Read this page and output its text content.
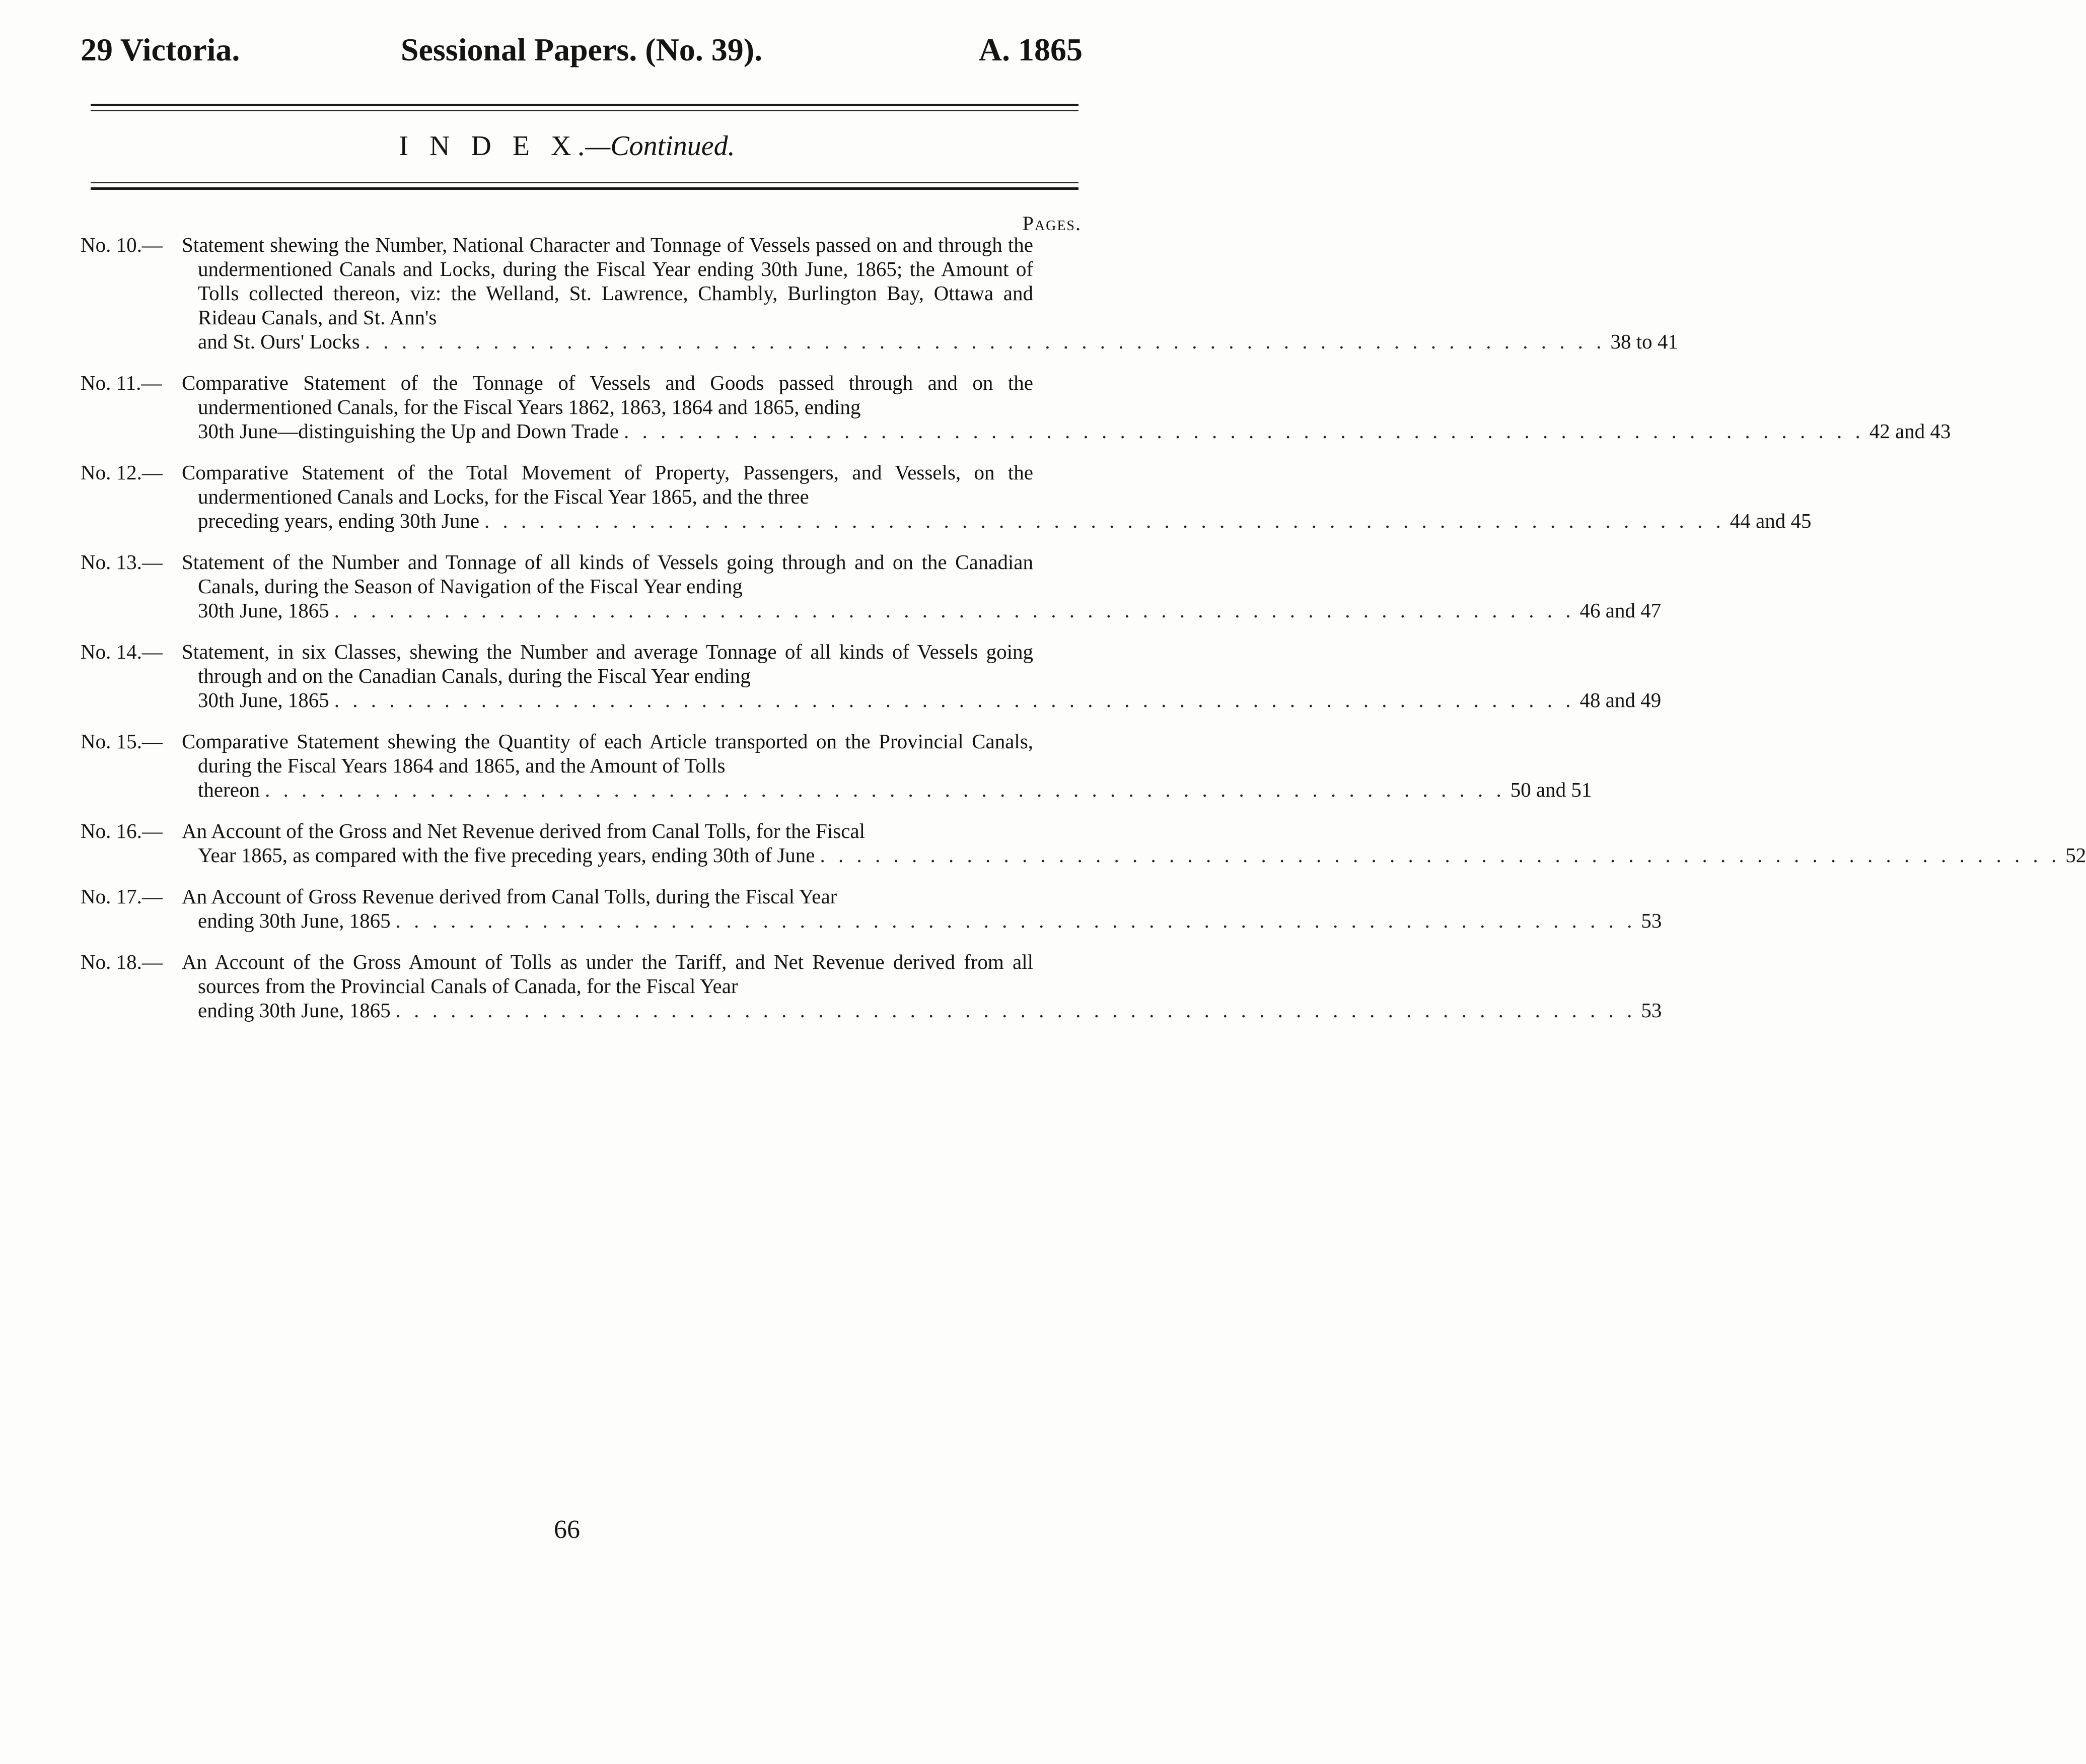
29 Victoria.	Sessional Papers. (No. 39).	A. 1865
I N D E X.—Continued.
Pages.
No. 10.— Statement shewing the Number, National Character and Tonnage of Vessels passed on and through the undermentioned Canals and Locks, during the Fiscal Year ending 30th June, 1865; the Amount of Tolls collected thereon, viz: the Welland, St. Lawrence, Chambly, Burlington Bay, Ottawa and Rideau Canals, and St. Ann's
and St. Ours' Locks . . . . . . . . . . . . . . . . . . . . . . . . . . . . . . . . . . . . . . . . . . . . . . . . . . . . . . . . . . . . . . . . . . . . 38 to 41
No. 11.— Comparative Statement of the Tonnage of Vessels and Goods passed through and on the undermentioned Canals, for the Fiscal Years 1862, 1863, 1864 and 1865, ending
30th June—distinguishing the Up and Down Trade . . . . . . . . . . . . . . . . . . . . . . . . . . . . . . . . . . . . . . . . . . . . . . . . . . . . . . . . . . . . . . . . . . . . 42 and 43
No. 12.— Comparative Statement of the Total Movement of Property, Passengers, and Vessels, on the undermentioned Canals and Locks, for the Fiscal Year 1865, and the three
preceding years, ending 30th June . . . . . . . . . . . . . . . . . . . . . . . . . . . . . . . . . . . . . . . . . . . . . . . . . . . . . . . . . . . . . . . . . . . . 44 and 45
No. 13.— Statement of the Number and Tonnage of all kinds of Vessels going through and on the Canadian Canals, during the Season of Navigation of the Fiscal Year ending
30th June, 1865 . . . . . . . . . . . . . . . . . . . . . . . . . . . . . . . . . . . . . . . . . . . . . . . . . . . . . . . . . . . . . . . . . . . . 46 and 47
No. 14.— Statement, in six Classes, shewing the Number and average Tonnage of all kinds of Vessels going through and on the Canadian Canals, during the Fiscal Year ending
30th June, 1865 . . . . . . . . . . . . . . . . . . . . . . . . . . . . . . . . . . . . . . . . . . . . . . . . . . . . . . . . . . . . . . . . . . . . 48 and 49
No. 15.— Comparative Statement shewing the Quantity of each Article transported on the Provincial Canals, during the Fiscal Years 1864 and 1865, and the Amount of Tolls
thereon . . . . . . . . . . . . . . . . . . . . . . . . . . . . . . . . . . . . . . . . . . . . . . . . . . . . . . . . . . . . . . . . . . . . 50 and 51
No. 16.— An Account of the Gross and Net Revenue derived from Canal Tolls, for the Fiscal
Year 1865, as compared with the five preceding years, ending 30th of June . . . . . . . . . . . . . . . . . . . . . . . . . . . . . . . . . . . . . . . . . . . . . . . . . . . . . . . . . . . . . . . . . . . . 52
No. 17.— An Account of Gross Revenue derived from Canal Tolls, during the Fiscal Year
ending 30th June, 1865 . . . . . . . . . . . . . . . . . . . . . . . . . . . . . . . . . . . . . . . . . . . . . . . . . . . . . . . . . . . . . . . . . . . . 53
No. 18.— An Account of the Gross Amount of Tolls as under the Tariff, and Net Revenue derived from all sources from the Provincial Canals of Canada, for the Fiscal Year
ending 30th June, 1865 . . . . . . . . . . . . . . . . . . . . . . . . . . . . . . . . . . . . . . . . . . . . . . . . . . . . . . . . . . . . . . . . . . . . 53
66
